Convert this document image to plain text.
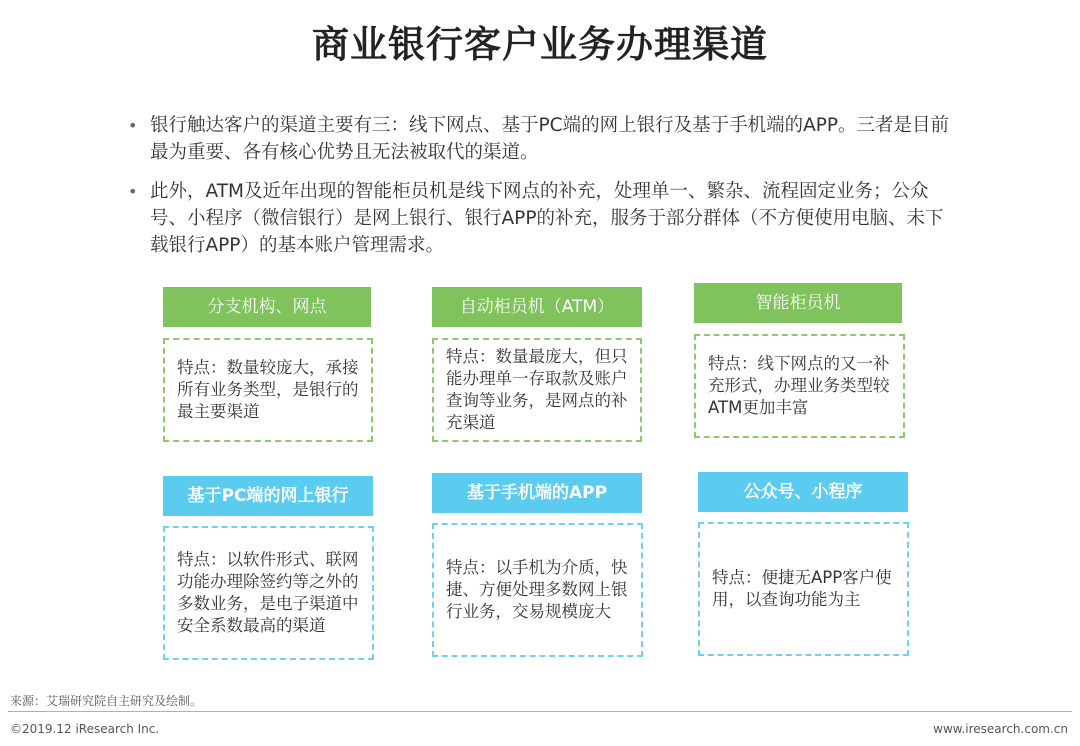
商业银行客户业务办理渠道
• 银行触达客户的渠道主要有三：线下网点、基于PC端的网上银行及基于手机端的APP。三者是目前最为重要、各有核心优势且无法被取代的渠道。
• 此外，ATM及近年出现的智能柜员机是线下网点的补充，处理单一、繁杂、流程固定业务；公众号、小程序（微信银行）是网上银行、银行APP的补充，服务于部分群体（不方便使用电脑、未下载银行APP）的基本账户管理需求。
分支机构、网点
特点：数量较庞大，承接所有业务类型，是银行的最主要渠道
自动柜员机（ATM）
特点：数量最庞大，但只能办理单一存取款及账户查询等业务，是网点的补充渠道
智能柜员机
特点：线下网点的又一补充形式，办理业务类型较ATM更加丰富
基于PC端的网上银行
特点：以软件形式、联网功能办理除签约等之外的多数业务，是电子渠道中安全系数最高的渠道
基于手机端的APP
特点：以手机为介质，快捷、方便处理多数网上银行业务，交易规模庞大
公众号、小程序
特点：便捷无APP客户使用，以查询功能为主
来源：艾瑞研究院自主研究及绘制。
©2019.12 iResearch Inc.	www.iresearch.com.cn
